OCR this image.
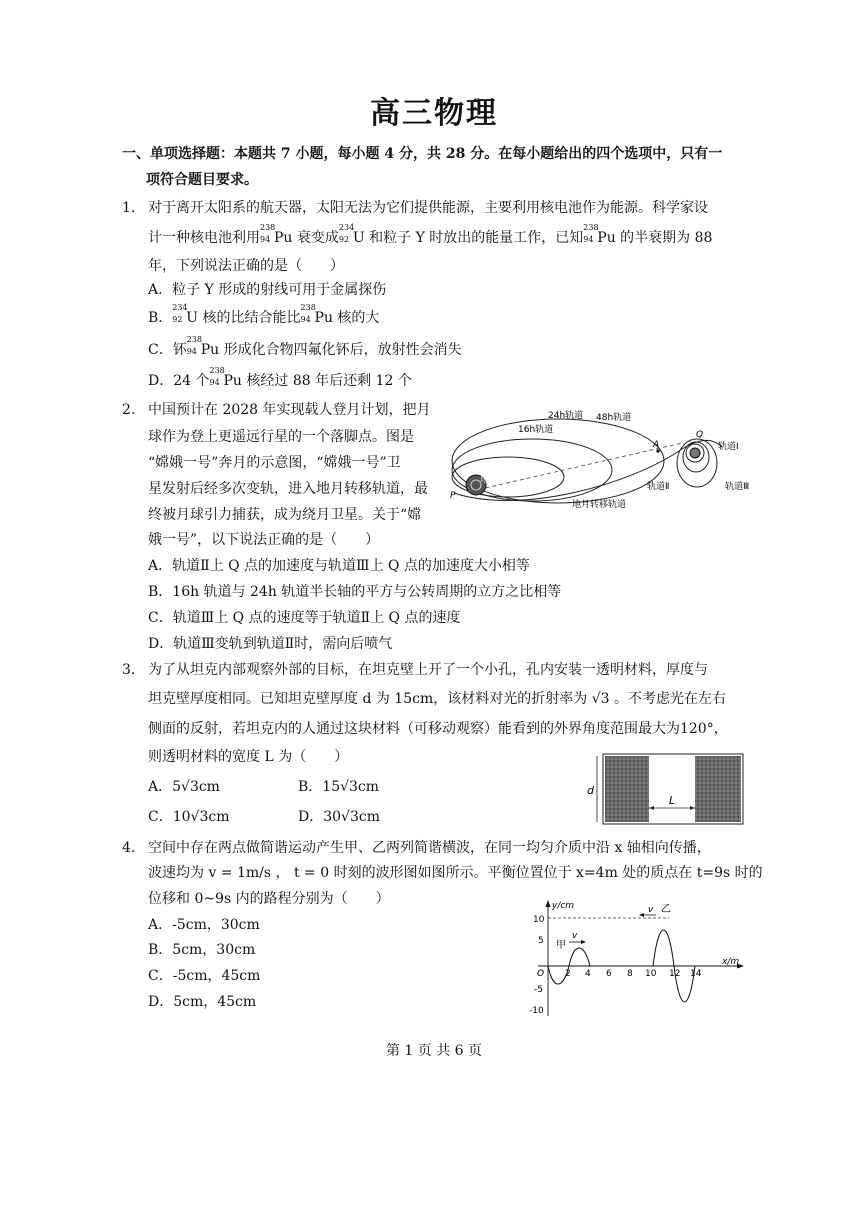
高三物理
一、单项选择题：本题共 7 小题，每小题 4 分，共 28 分。在每小题给出的四个选项中，只有一
项符合题目要求。
1. 对于离开太阳系的航天器，太阳无法为它们提供能源，主要利用核电池作为能源。科学家设
计一种核电池利用
238
94 Pu 衰变成
234
92 U 和粒子 Y 时放出的能量工作，已知
238
94 Pu 的半衰期为 88
年，下列说法正确的是（　　）
A．粒子 Y 形成的射线可用于金属探伤
B．
234
92 U 核的比结合能比
238
94 Pu 核的大
C．钚
238
94 Pu 形成化合物四氟化钚后，放射性会消失
D．24 个
238
94 Pu 核经过 88 年后还剩 12 个
2. 中国预计在 2028 年实现载人登月计划，把月
球作为登上更遥远行星的一个落脚点。图是
“嫦娥一号”奔月的示意图，“嫦娥一号”卫
星发射后经多次变轨，进入地月转移轨道，最
终被月球引力捕获，成为绕月卫星。关于“嫦
娥一号”，以下说法正确的是（　　）
16h轨道
24h轨道 48h轨道
地球
地月转移轨道
A
P
Q
轨道Ⅰ
轨道Ⅱ	轨道Ⅲ
A．轨道Ⅱ上 Q 点的加速度与轨道Ⅲ上 Q 点的加速度大小相等
B．16h 轨道与 24h 轨道半长轴的平方与公转周期的立方之比相等
C．轨道Ⅲ上 Q 点的速度等于轨道Ⅱ上 Q 点的速度
D．轨道Ⅲ变轨到轨道Ⅱ时，需向后喷气
3. 为了从坦克内部观察外部的目标，在坦克壁上开了一个小孔，孔内安装一透明材料，厚度与
坦克壁厚度相同。已知坦克壁厚度 d 为 15cm，该材料对光的折射率为 √3 。不考虑光在左右
侧面的反射，若坦克内的人通过这块材料（可移动观察）能看到的外界角度范围最大为120°，
则透明材料的宽度 L 为（　　）
A．5√3cm	B．15√3cm
C．10√3cm	D．30√3cm
d
L
4. 空间中存在两点做简谐运动产生甲、乙两列简谐横波，在同一均匀介质中沿 x 轴相向传播，
波速均为 v = 1m/s ， t = 0 时刻的波形图如图所示。平衡位置位于 x=4m 处的质点在 t=9s 时的
位移和 0~9s 内的路程分别为（　　）
A．-5cm，30cm
B．5cm，30cm
C．-5cm，45cm
D．5cm，45cm
y/cm
x/m
O
10
5
-5
-10
2 4 6 8 10 12 14
甲
v
v 乙
第 1 页 共 6 页
